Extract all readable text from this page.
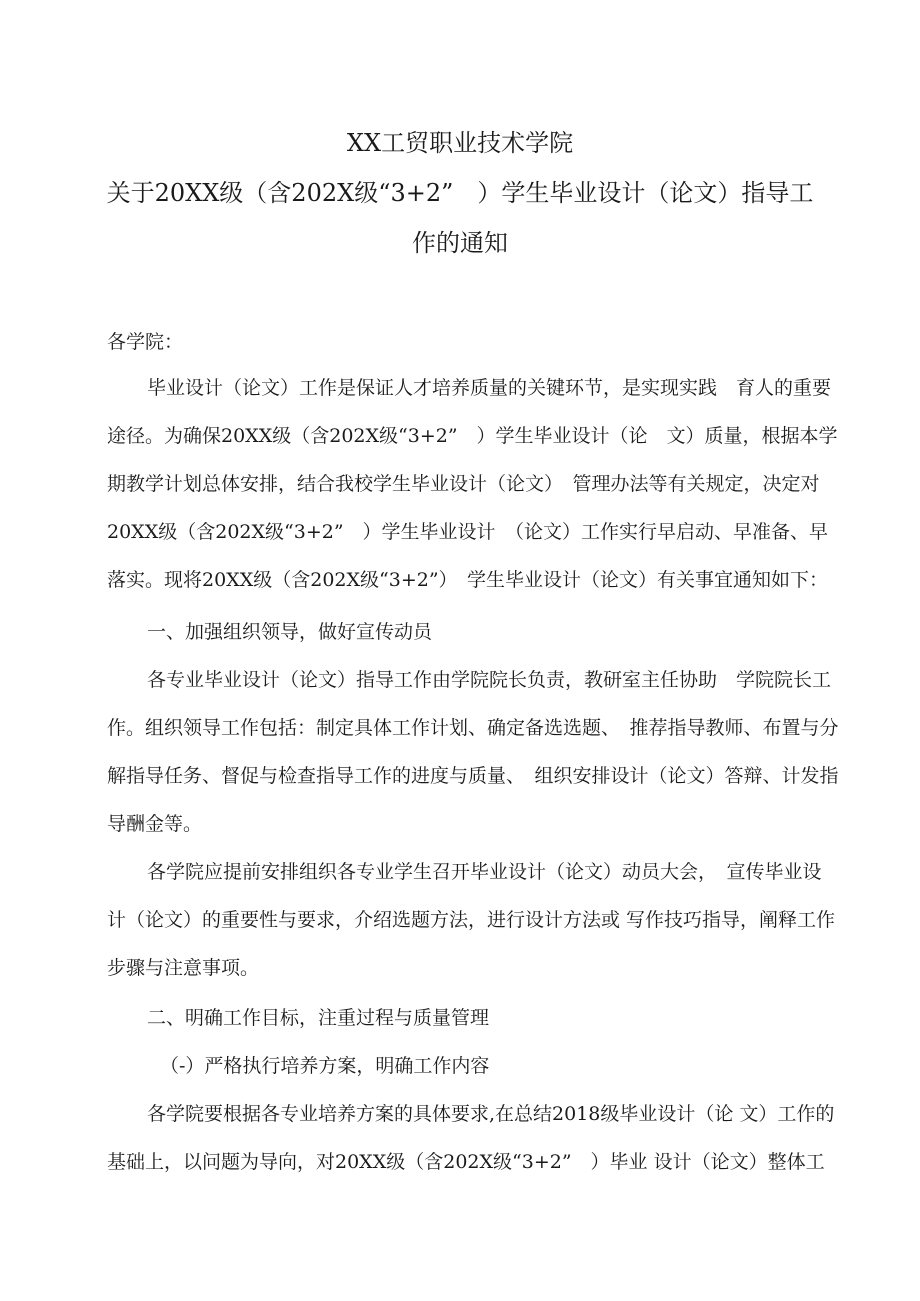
XX工贸职业技术学院
关于20XX级（含202X级“3+2”　）学生毕业设计（论文）指导工
作的通知
各学院：
毕业设计（论文）工作是保证人才培养质量的关键环节，是实现实践　育人的重要
途径。为确保20XX级（含202X级“3+2”　）学生毕业设计（论　文）质量，根据本学
期教学计划总体安排，结合我校学生毕业设计（论文）　管理办法等有关规定，决定对
20XX级（含202X级“3+2”　）学生毕业设计　（论文）工作实行早启动、早准备、早
落实。现将20XX级（含202X级“3+2”）　学生毕业设计（论文）有关事宜通知如下：
一、加强组织领导，做好宣传动员
各专业毕业设计（论文）指导工作由学院院长负责，教研室主任协助　学院院长工
作。组织领导工作包括：制定具体工作计划、确定备选选题、　推荐指导教师、布置与分
解指导任务、督促与检查指导工作的进度与质量、　组织安排设计（论文）答辩、计发指
导酬金等。
各学院应提前安排组织各专业学生召开毕业设计（论文）动员大会，　宣传毕业设
计（论文）的重要性与要求，介绍选题方法，进行设计方法或 写作技巧指导，阐释工作
步骤与注意事项。
二、明确工作目标，注重过程与质量管理
（-）严格执行培养方案，明确工作内容
各学院要根据各专业培养方案的具体要求,在总结2018级毕业设计（论 文）工作的
基础上，以问题为导向，对20XX级（含202X级“3+2”　）毕业 设计（论文）整体工
